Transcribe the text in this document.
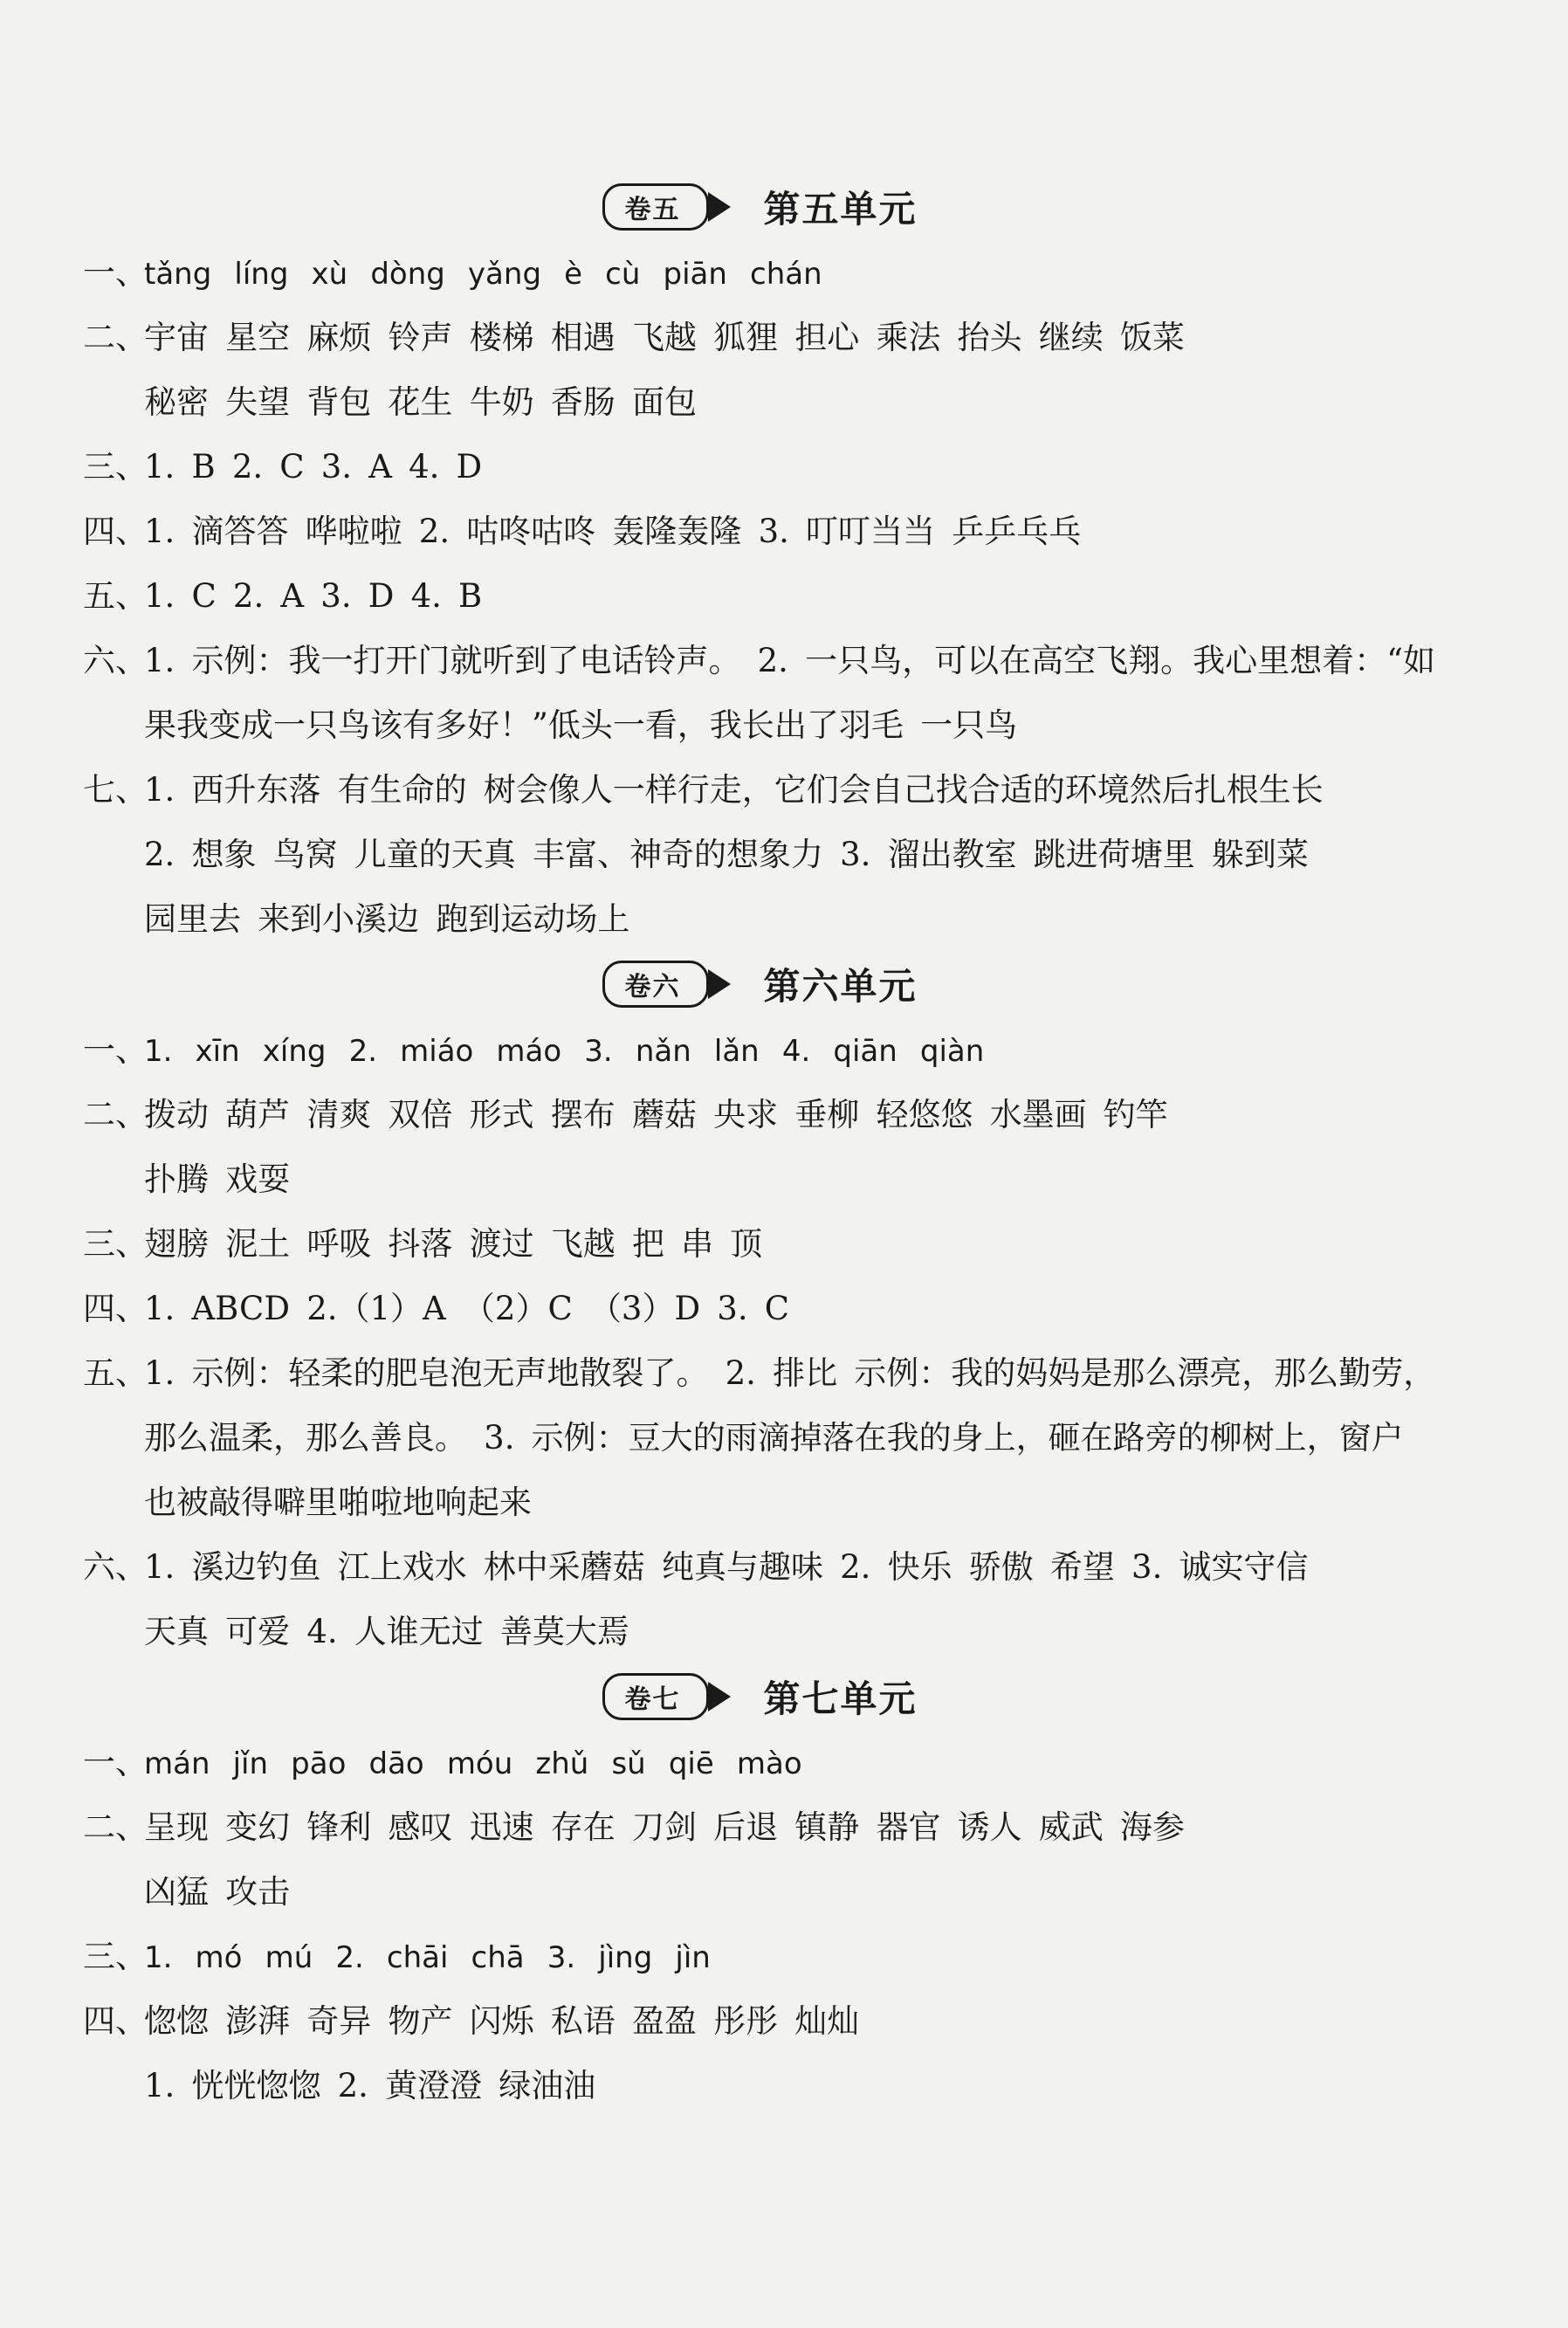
卷五 第五单元
一、
tǎng líng xù dòng yǎng è cù piān chán
二、
宇宙 星空 麻烦 铃声 楼梯 相遇 飞越 狐狸 担心 乘法 抬头 继续 饭菜
秘密 失望 背包 花生 牛奶 香肠 面包
三、
1. B 2. C 3. A 4. D
四、
1. 滴答答 哗啦啦 2. 咕咚咕咚 轰隆轰隆 3. 叮叮当当 乒乒乓乓
五、
1. C 2. A 3. D 4. B
六、
1. 示例：我一打开门就听到了电话铃声。 2. 一只鸟，可以在高空飞翔。我心里想着：“如
果我变成一只鸟该有多好！”低头一看，我长出了羽毛 一只鸟
七、
1. 西升东落 有生命的 树会像人一样行走，它们会自己找合适的环境然后扎根生长
2. 想象 鸟窝 儿童的天真 丰富、神奇的想象力 3. 溜出教室 跳进荷塘里 躲到菜
园里去 来到小溪边 跑到运动场上
卷六 第六单元
一、
1. xīn xíng 2. miáo máo 3. nǎn lǎn 4. qiān qiàn
二、
拨动 葫芦 清爽 双倍 形式 摆布 蘑菇 央求 垂柳 轻悠悠 水墨画 钓竿
扑腾 戏耍
三、
翅膀 泥土 呼吸 抖落 渡过 飞越 把 串 顶
四、
1. ABCD 2.（1）A （2）C （3）D 3. C
五、
1. 示例：轻柔的肥皂泡无声地散裂了。 2. 排比 示例：我的妈妈是那么漂亮，那么勤劳，
那么温柔，那么善良。 3. 示例：豆大的雨滴掉落在我的身上，砸在路旁的柳树上，窗户
也被敲得噼里啪啦地响起来
六、
1. 溪边钓鱼 江上戏水 林中采蘑菇 纯真与趣味 2. 快乐 骄傲 希望 3. 诚实守信
天真 可爱 4. 人谁无过 善莫大焉
卷七 第七单元
一、
mán jǐn pāo dāo móu zhǔ sǔ qiē mào
二、
呈现 变幻 锋利 感叹 迅速 存在 刀剑 后退 镇静 器官 诱人 威武 海参
凶猛 攻击
三、
1. mó mú 2. chāi chā 3. jìng jìn
四、
惚惚 澎湃 奇异 物产 闪烁 私语 盈盈 彤彤 灿灿
1. 恍恍惚惚 2. 黄澄澄 绿油油
